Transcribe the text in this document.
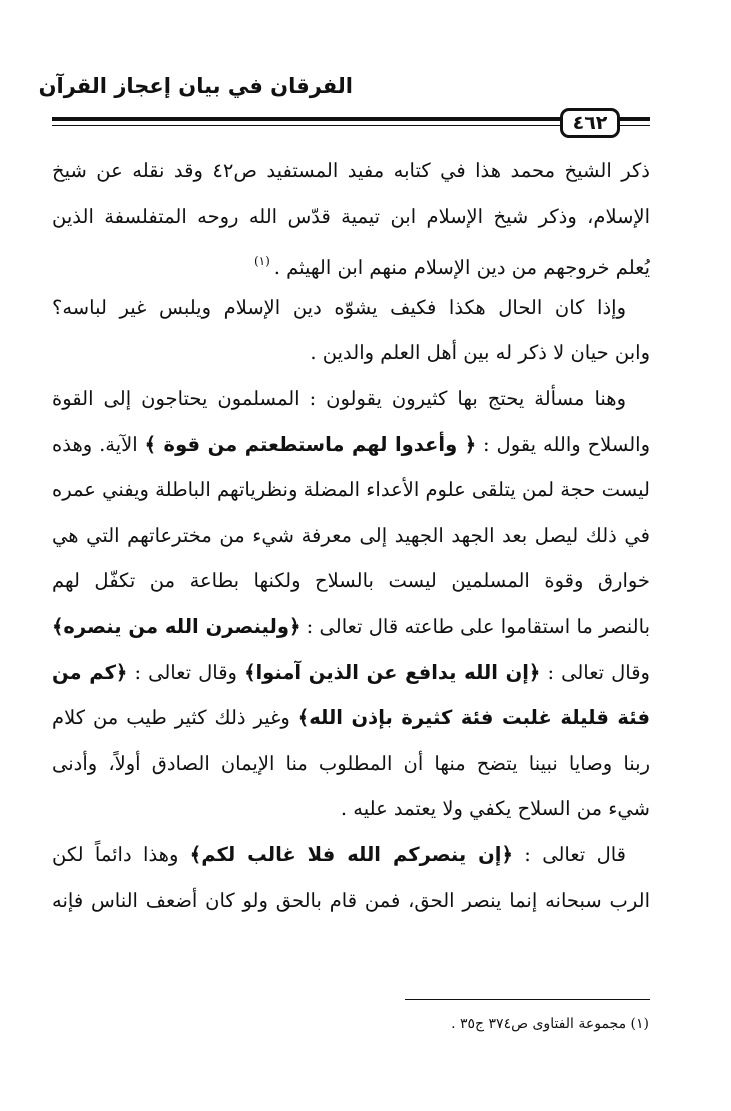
الفرقان في بيان إعجاز القرآن
٤٦٢
ذكر الشيخ محمد هذا في كتابه مفيد المستفيد ص٤٢ وقد نقله عن شيخ
الإسلام، وذكر شيخ الإسلام ابن تيمية قدّس الله روحه المتفلسفة الذين
يُعلم خروجهم من دين الإسلام منهم ابن الهيثم .$^{(١)}$
وإذا كان الحال هكذا فكيف يشوّه دين الإسلام ويلبس غير لباسه؟
وابن حيان لا ذكر له بين أهل العلم والدين .
وهنا مسألة يحتج بها كثيرون يقولون : المسلمون يحتاجون إلى القوة
والسلاح والله يقول : ﴿ وأعدوا لهم ماستطعتم من قوة ﴾ الآية. وهذه
ليست حجة لمن يتلقى علوم الأعداء المضلة ونظرياتهم الباطلة ويفني عمره
في ذلك ليصل بعد الجهد الجهيد إلى معرفة شيء من مخترعاتهم التي هي
خوارق وقوة المسلمين ليست بالسلاح ولكنها بطاعة من تكفّل لهم
بالنصر ما استقاموا على طاعته قال تعالى : ﴿ولينصرن الله من ينصره﴾
وقال تعالى : ﴿إن الله يدافع عن الذين آمنوا﴾ وقال تعالى : ﴿كم من
فئة قليلة غلبت فئة كثيرة بإذن الله﴾ وغير ذلك كثير طيب من كلام
ربنا وصايا نبينا يتضح منها أن المطلوب منا الإيمان الصادق أولاً، وأدنى
شيء من السلاح يكفي ولا يعتمد عليه .
قال تعالى : ﴿إن ينصركم الله فلا غالب لكم﴾ وهذا دائماً لكن
الرب سبحانه إنما ينصر الحق، فمن قام بالحق ولو كان أضعف الناس فإنه
(١) مجموعة الفتاوى ص٣٧٤ ج٣٥ .
